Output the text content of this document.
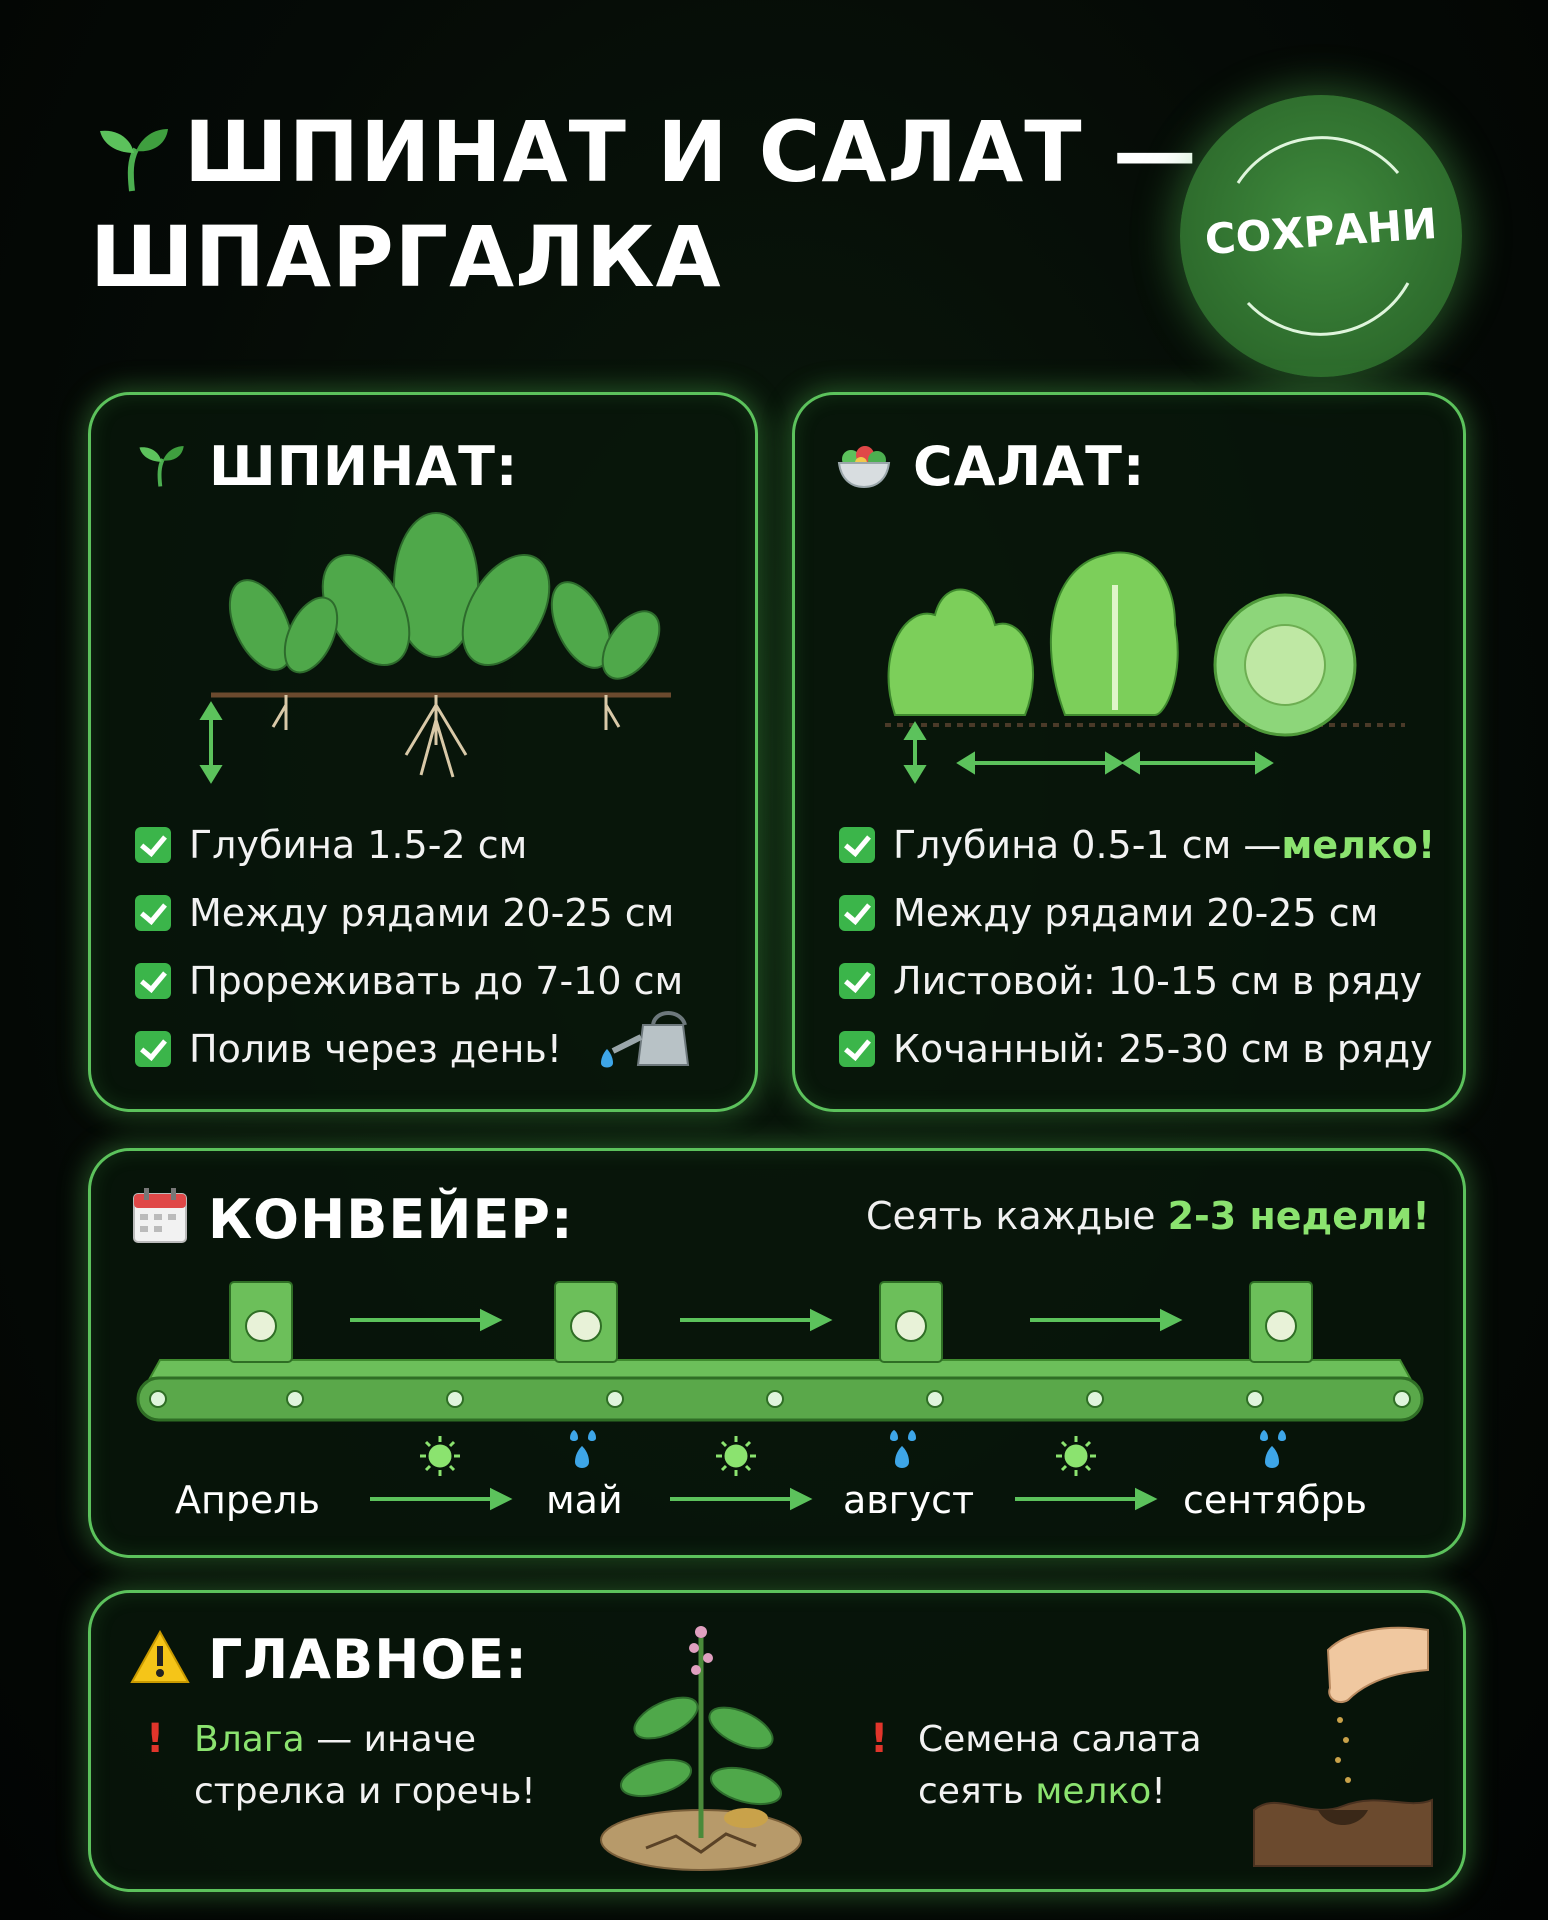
ШПИНАТ И САЛАТ —
ШПАРГАЛКА	СОХРАНИ
ШПИНАТ:
Глубина 1.5-2 см
Между рядами 20-25 см
Прореживать до 7-10 см
Полив через день!
САЛАТ:
Глубина 0.5-1 см — мелко!
Между рядами 20-25 см
Листовой: 10-15 см в ряду
Кочанный: 25-30 см в ряду
КОНВЕЙЕР:	Сеять каждые 2-3 недели!
Апрель	май	август	сентябрь
ГЛАВНОЕ:
! Влага — иначе
стрелка и горечь!
! Семена салата
сеять мелко!
